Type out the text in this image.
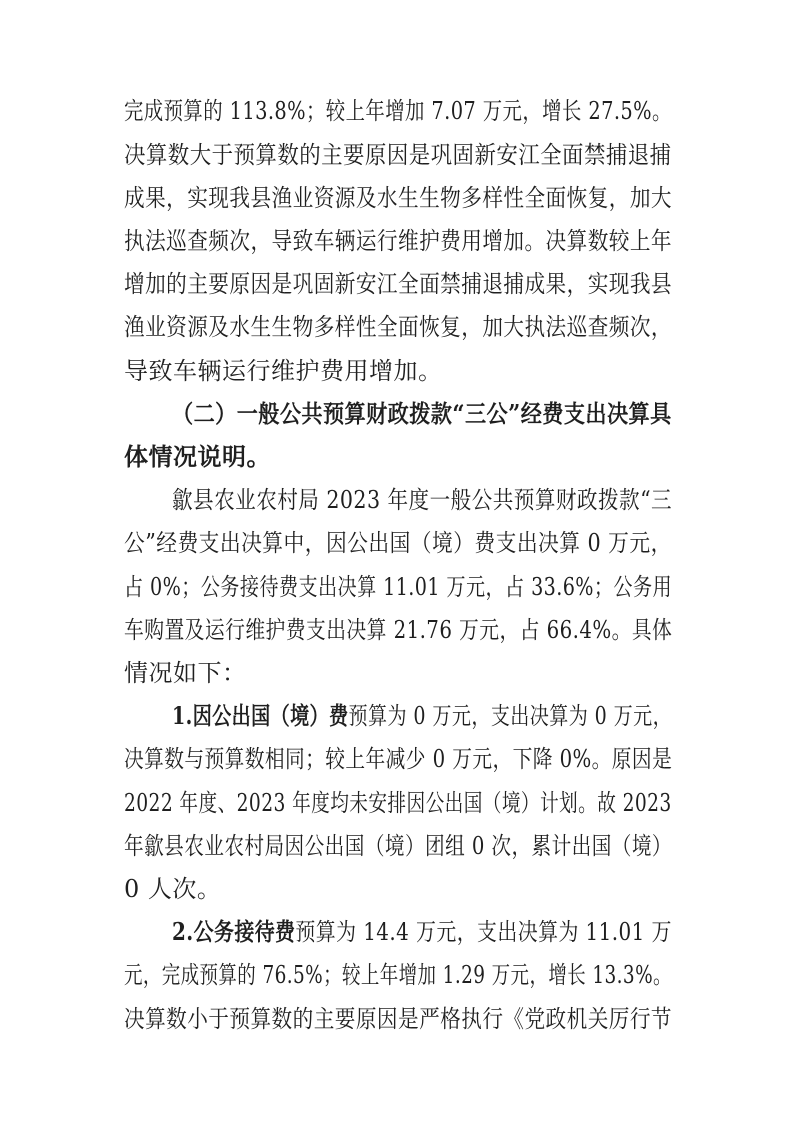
完成预算的 113.8%；较上年增加 7.07 万元，增长 27.5%。
决算数大于预算数的主要原因是巩固新安江全面禁捕退捕
成果，实现我县渔业资源及水生生物多样性全面恢复，加大
执法巡查频次，导致车辆运行维护费用增加。决算数较上年
增加的主要原因是巩固新安江全面禁捕退捕成果，实现我县
渔业资源及水生生物多样性全面恢复，加大执法巡查频次，
导致车辆运行维护费用增加。
（二）一般公共预算财政拨款“三公”经费支出决算具
体情况说明。
歙县农业农村局 2023 年度一般公共预算财政拨款“三
公”经费支出决算中，因公出国（境）费支出决算 0 万元，
占 0%；公务接待费支出决算 11.01 万元，占 33.6%；公务用
车购置及运行维护费支出决算 21.76 万元，占 66.4%。具体
情况如下：
1.因公出国（境）费预算为 0 万元，支出决算为 0 万元，
决算数与预算数相同；较上年减少 0 万元，下降 0%。原因是
2022 年度、2023 年度均未安排因公出国（境）计划。故 2023
年歙县农业农村局因公出国（境）团组 0 次，累计出国（境）
0 人次。
2.公务接待费预算为 14.4 万元，支出决算为 11.01 万
元，完成预算的 76.5%；较上年增加 1.29 万元，增长 13.3%。
决算数小于预算数的主要原因是严格执行《党政机关厉行节
